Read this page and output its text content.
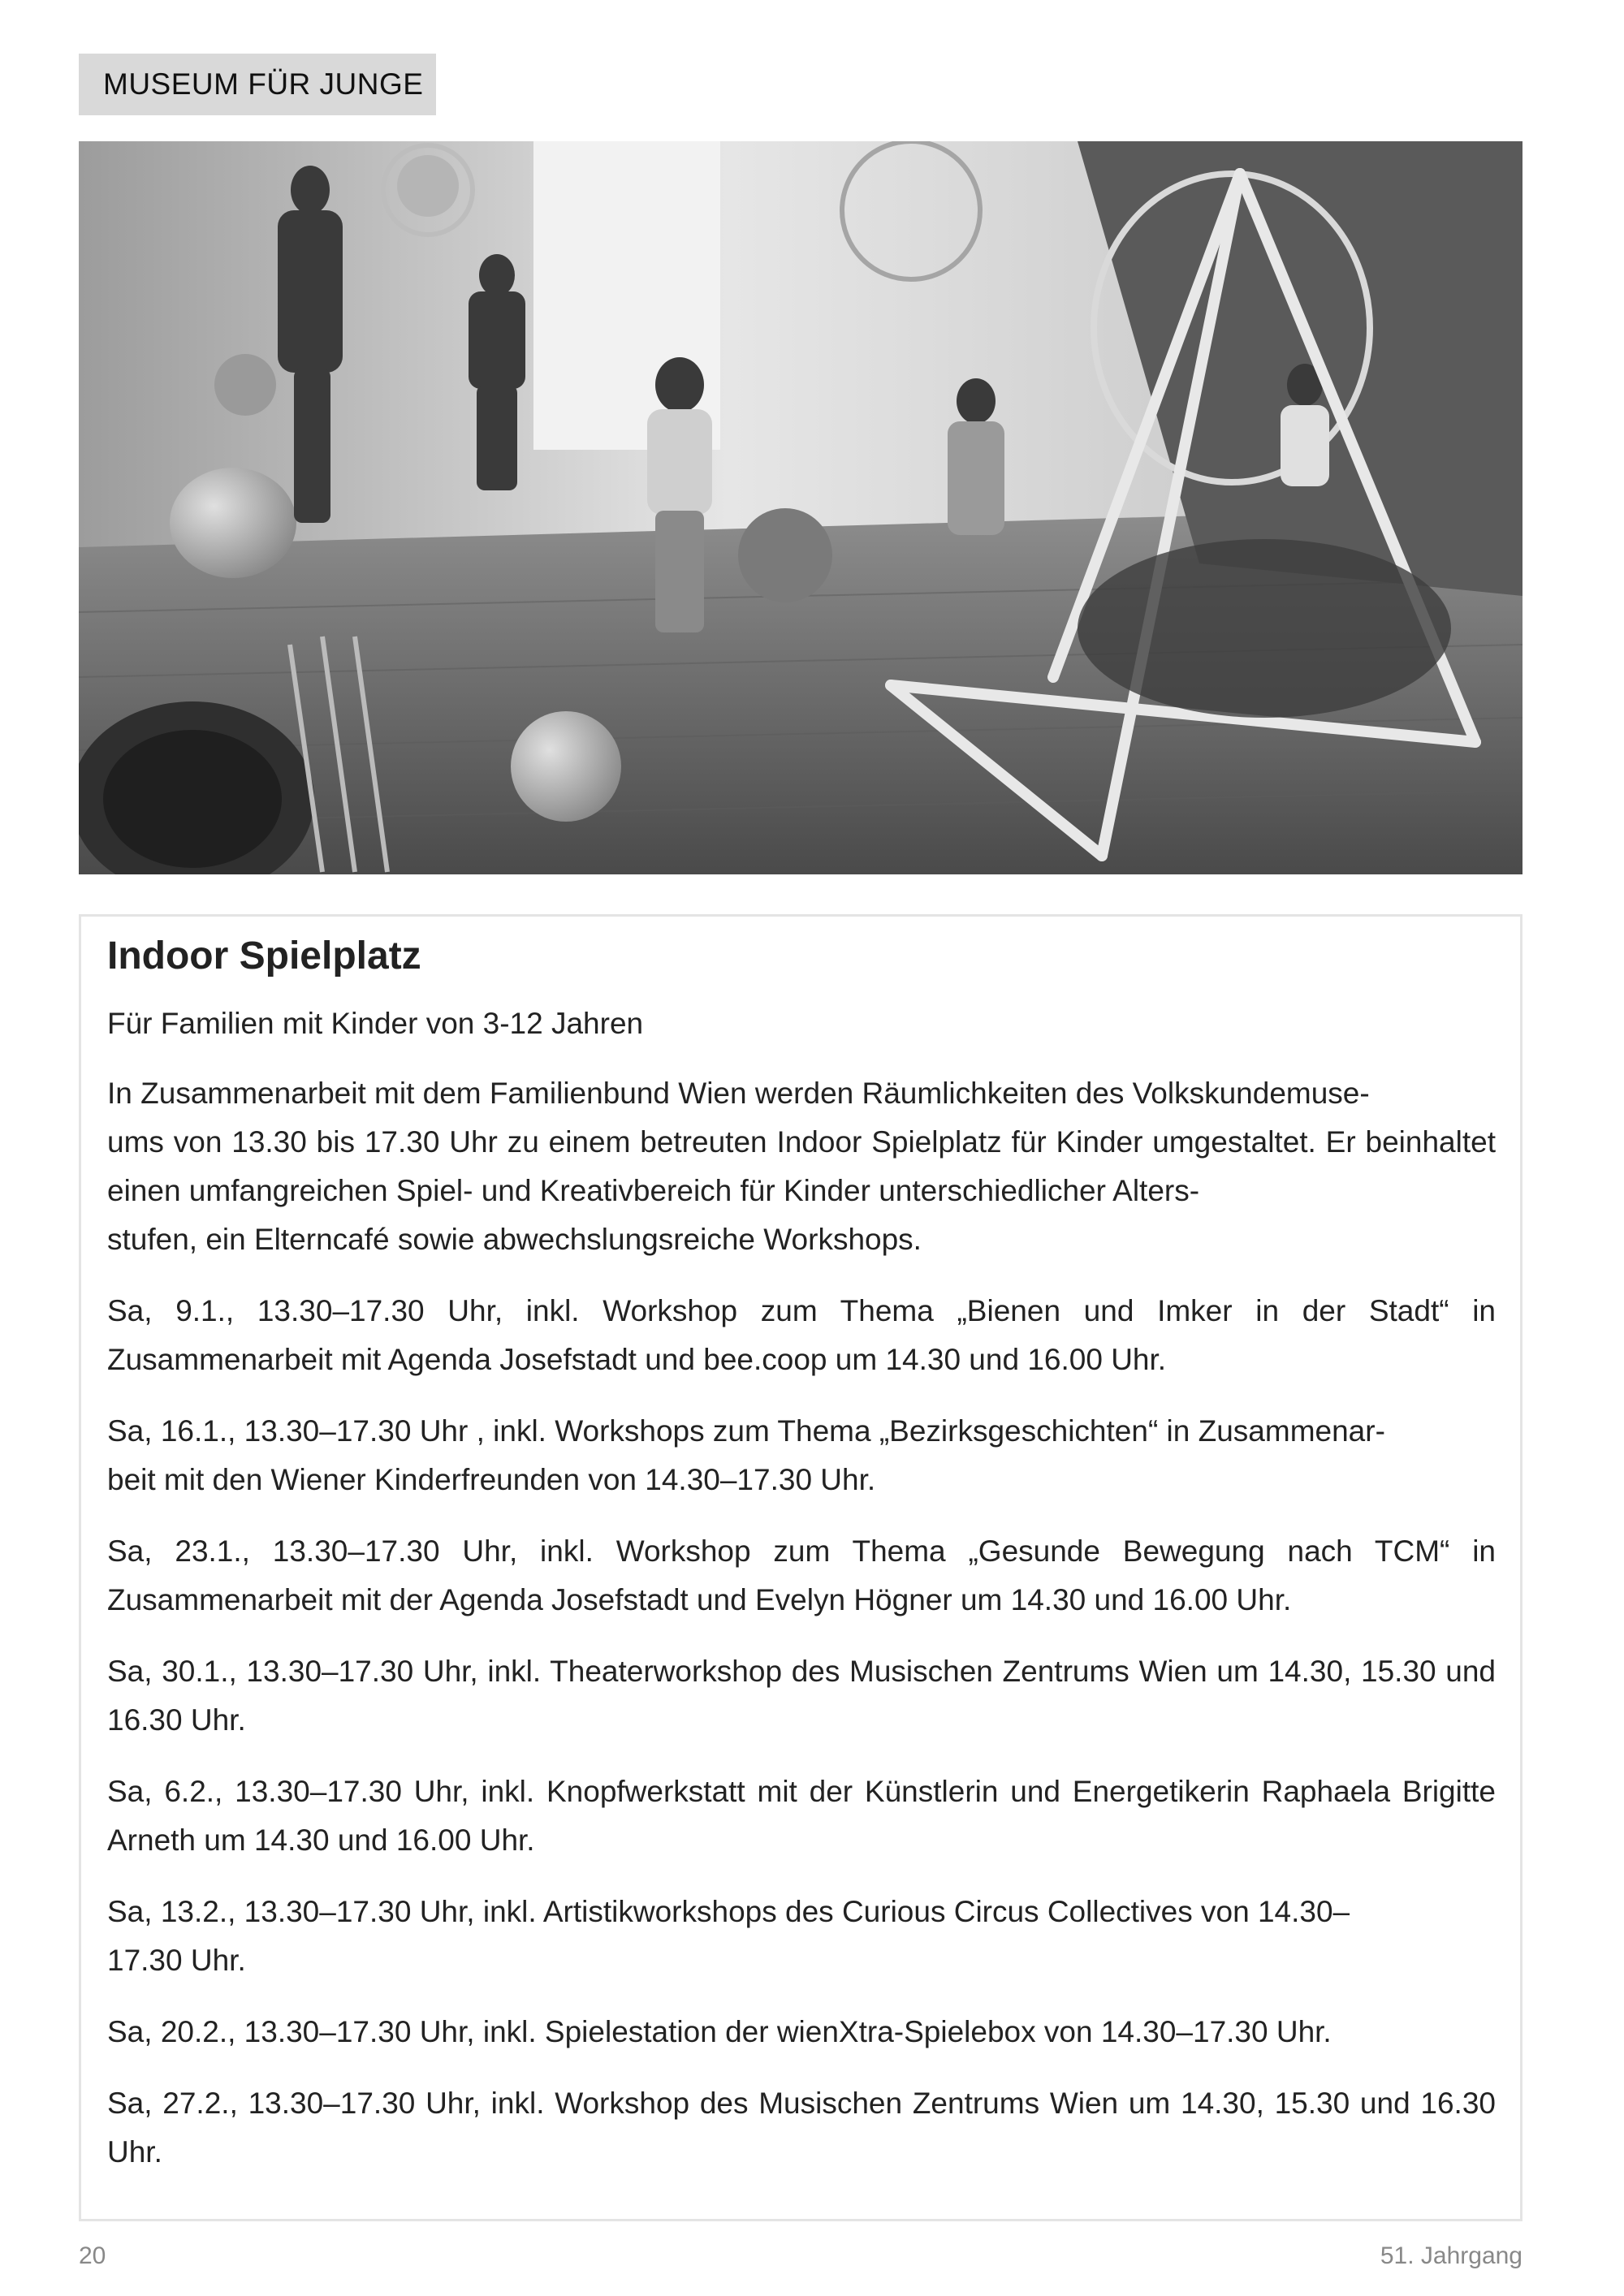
MUSEUM FÜR JUNGE
Indoor Spielplatz

Für Familien mit Kinder von 3-12 Jahren

In Zusammenarbeit mit dem Familienbund Wien werden Räumlichkeiten des Volkskundemuse-
ums von 13.30 bis 17.30 Uhr zu einem betreuten Indoor Spielplatz für Kinder umgestaltet. Er beinhaltet einen umfangreichen Spiel- und Kreativbereich für Kinder unterschiedlicher Alters-
stufen, ein Elterncafé sowie abwechslungsreiche Workshops.

Sa, 9.1., 13.30–17.30 Uhr, inkl. Workshop zum Thema „Bienen und Imker in der Stadt“ in Zusammenarbeit mit Agenda Josefstadt und bee.coop um 14.30 und 16.00 Uhr.

Sa, 16.1., 13.30–17.30 Uhr , inkl. Workshops zum Thema „Bezirksgeschichten“ in Zusammenar-
beit mit den Wiener Kinderfreunden von 14.30–17.30 Uhr.

Sa, 23.1., 13.30–17.30 Uhr, inkl. Workshop zum Thema „Gesunde Bewegung nach TCM“ in Zusammenarbeit mit der Agenda Josefstadt und Evelyn Högner um 14.30 und 16.00 Uhr.

Sa, 30.1., 13.30–17.30 Uhr, inkl. Theaterworkshop des Musischen Zentrums Wien um 14.30, 15.30 und 16.30 Uhr.

Sa, 6.2., 13.30–17.30 Uhr, inkl. Knopfwerkstatt mit der Künstlerin und Energetikerin Raphaela Brigitte Arneth um 14.30 und 16.00 Uhr.

Sa, 13.2., 13.30–17.30 Uhr, inkl. Artistikworkshops des Curious Circus Collectives von 14.30–
17.30 Uhr.

Sa, 20.2., 13.30–17.30 Uhr, inkl. Spielestation der wienXtra-Spielebox von 14.30–17.30 Uhr.

Sa, 27.2., 13.30–17.30 Uhr, inkl. Workshop des Musischen Zentrums Wien um 14.30, 15.30 und 16.30 Uhr.

20	51. Jahrgang
